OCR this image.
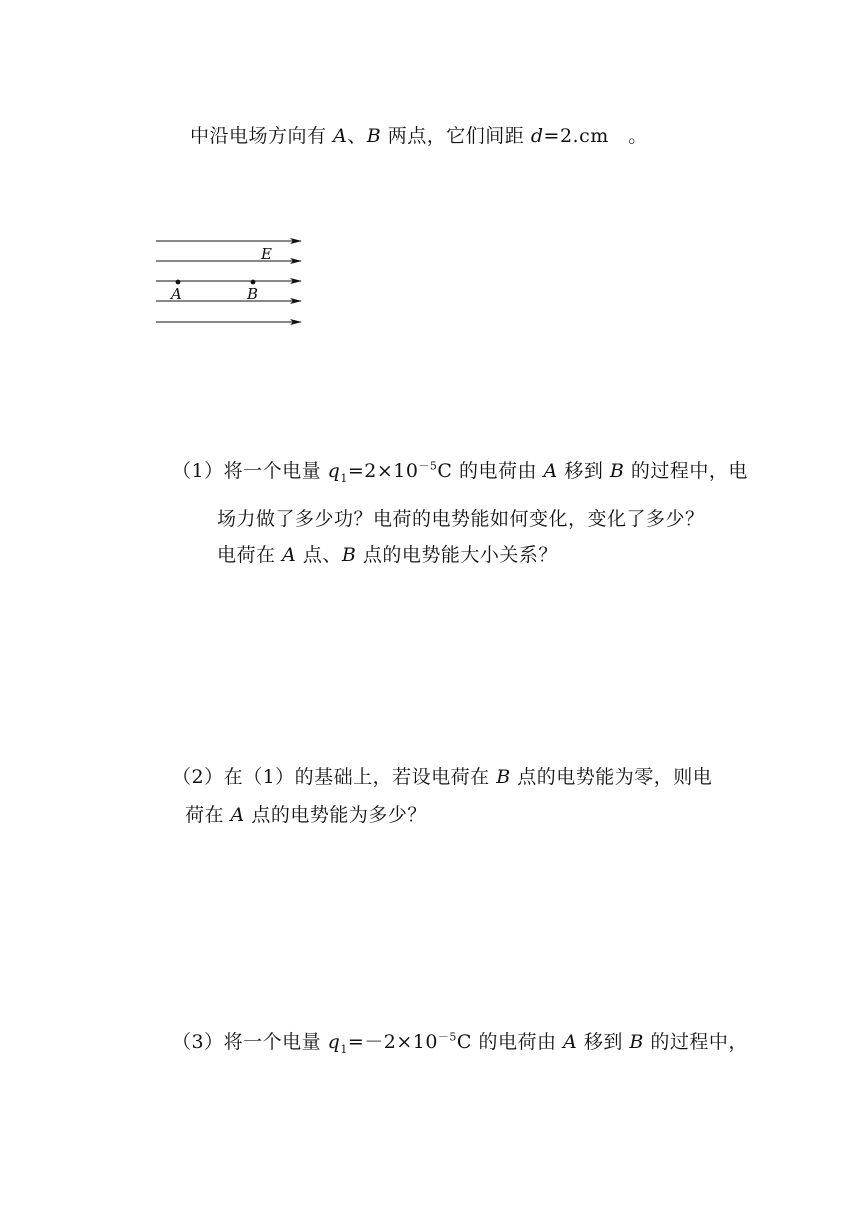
中沿电场方向有 A、B 两点，它们间距 d=2.cm　。
E
A	B
（1）将一个电量 $q_1=2\times 10^{-5}C$ 的电荷由 A 移到 B 的过程中，电
场力做了多少功？电荷的电势能如何变化，变化了多少？
电荷在 A 点、B 点的电势能大小关系？
（2）在（1）的基础上，若设电荷在 B 点的电势能为零，则电
荷在 A 点的电势能为多少？
（3）将一个电量 $q_1=-2\times 10^{-5}C$ 的电荷由 A 移到 B 的过程中，
